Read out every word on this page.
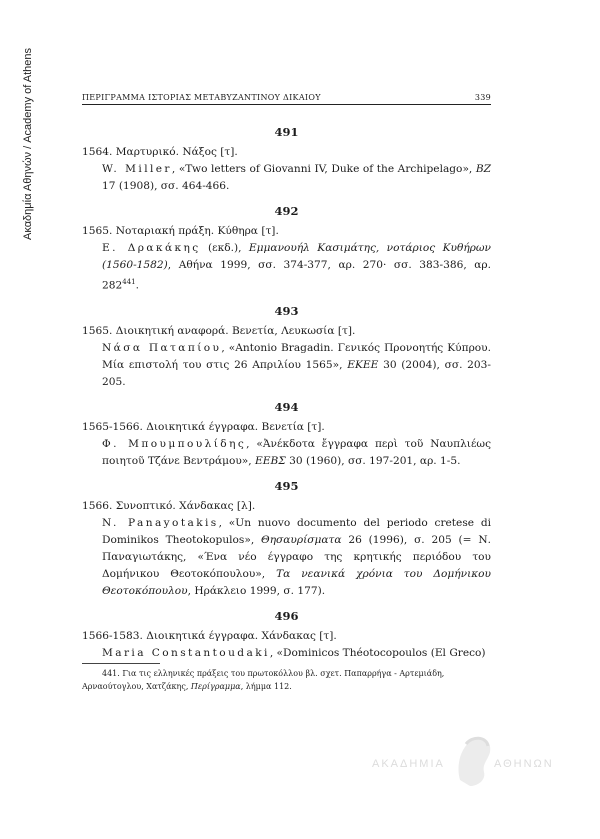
Ακαδημία Αθηνών / Academy of Athens	ΠΕΡΙΓΡΑΜΜΑ ΙΣΤΟΡΙΑΣ ΜΕΤΑΒΥΖΑΝΤΙΝΟΥ ΔΙΚΑΙΟΥ	339
491
1564. Μαρτυρικό. Νάξος [τ].
W. Miller, «Two letters of Giovanni IV, Duke of the Archipelago», BZ 17 (1908), σσ. 464-466.
492
1565. Νοταριακή πράξη. Κύθηρα [τ].
Ε. Δρακάκης (εκδ.), Εμμανουήλ Κασιμάτης, νοτάριος Κυθήρων (1560-1582), Αθήνα 1999, σσ. 374-377, αρ. 270· σσ. 383-386, αρ. $282^{441}$.
493
1565. Διοικητική αναφορά. Βενετία, Λευκωσία [τ].
Νάσα Παταπίου, «Antonio Bragadin. Γενικός Προνοητής Κύπρου. Μία επιστολή του στις 26 Απριλίου 1565», ΕΚΕΕ 30 (2004), σσ. 203-205.
494
1565-1566. Διοικητικά έγγραφα. Βενετία [τ].
Φ. Μπουμπουλίδης, «Ἀνέκδοτα ἔγγραφα περὶ τοῦ Ναυπλιέως ποιητοῦ Τζάνε Βεντράμου», ΕΕΒΣ 30 (1960), σσ. 197-201, αρ. 1-5.
495
1566. Συνοπτικό. Χάνδακας [λ].
N. Panayotakis, «Un nuovo documento del periodo cretese di Dominikos Theotokopulos», Θησαυρίσματα 26 (1996), σ. 205 (= Ν. Παναγιωτάκης, «Ένα νέο έγγραφο της κρητικής περιόδου του Δομήνικου Θεοτοκόπουλου», Τα νεανικά χρόνια του Δομήνικου Θεοτοκόπουλου, Ηράκλειο 1999, σ. 177).
496
1566-1583. Διοικητικά έγγραφα. Χάνδακας [τ].
Maria Constantoudaki, «Dominicos Théotocopoulos (El Greco)
441. Για τις ελληνικές πράξεις του πρωτοκόλλου βλ. σχετ. Παπαρρήγα - Αρτεμιάδη, Αρναούτογλου, Χατζάκης, Περίγραμμα, λήμμα 112.
ΑΚΑΔΗΜΙΑ	ΑΘΗΝΩΝ
